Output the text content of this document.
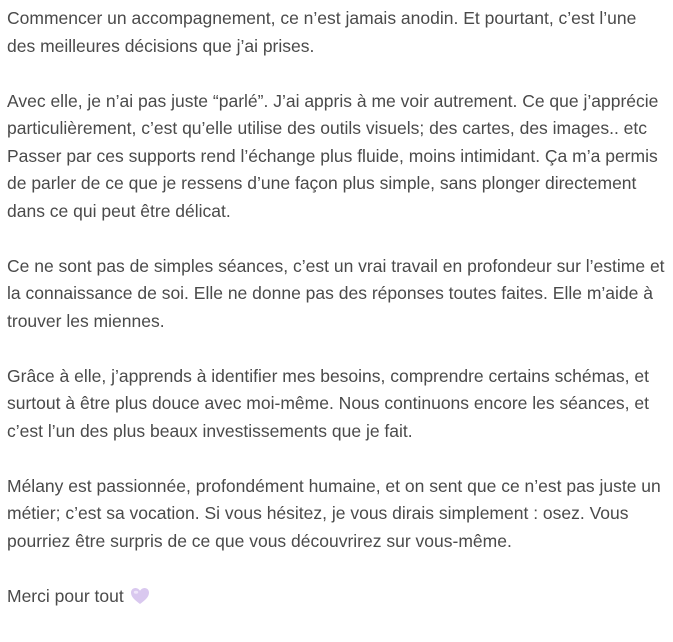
Commencer un accompagnement, ce n’est jamais anodin. Et pourtant, c’est l’une des meilleures décisions que j’ai prises.

Avec elle, je n’ai pas juste “parlé”. J’ai appris à me voir autrement. Ce que j’apprécie particulièrement, c’est qu’elle utilise des outils visuels; des cartes, des images.. etc
Passer par ces supports rend l’échange plus fluide, moins intimidant. Ça m’a permis de parler de ce que je ressens d’une façon plus simple, sans plonger directement dans ce qui peut être délicat.

Ce ne sont pas de simples séances, c’est un vrai travail en profondeur sur l’estime et la connaissance de soi. Elle ne donne pas des réponses toutes faites. Elle m’aide à trouver les miennes.

Grâce à elle, j’apprends à identifier mes besoins, comprendre certains schémas, et surtout à être plus douce avec moi-même. Nous continuons encore les séances, et c’est l’un des plus beaux investissements que je fait.

Mélany est passionnée, profondément humaine, et on sent que ce n’est pas juste un métier; c’est sa vocation. Si vous hésitez, je vous dirais simplement : osez. Vous pourriez être surpris de ce que vous découvrirez sur vous-même.

Merci pour tout
